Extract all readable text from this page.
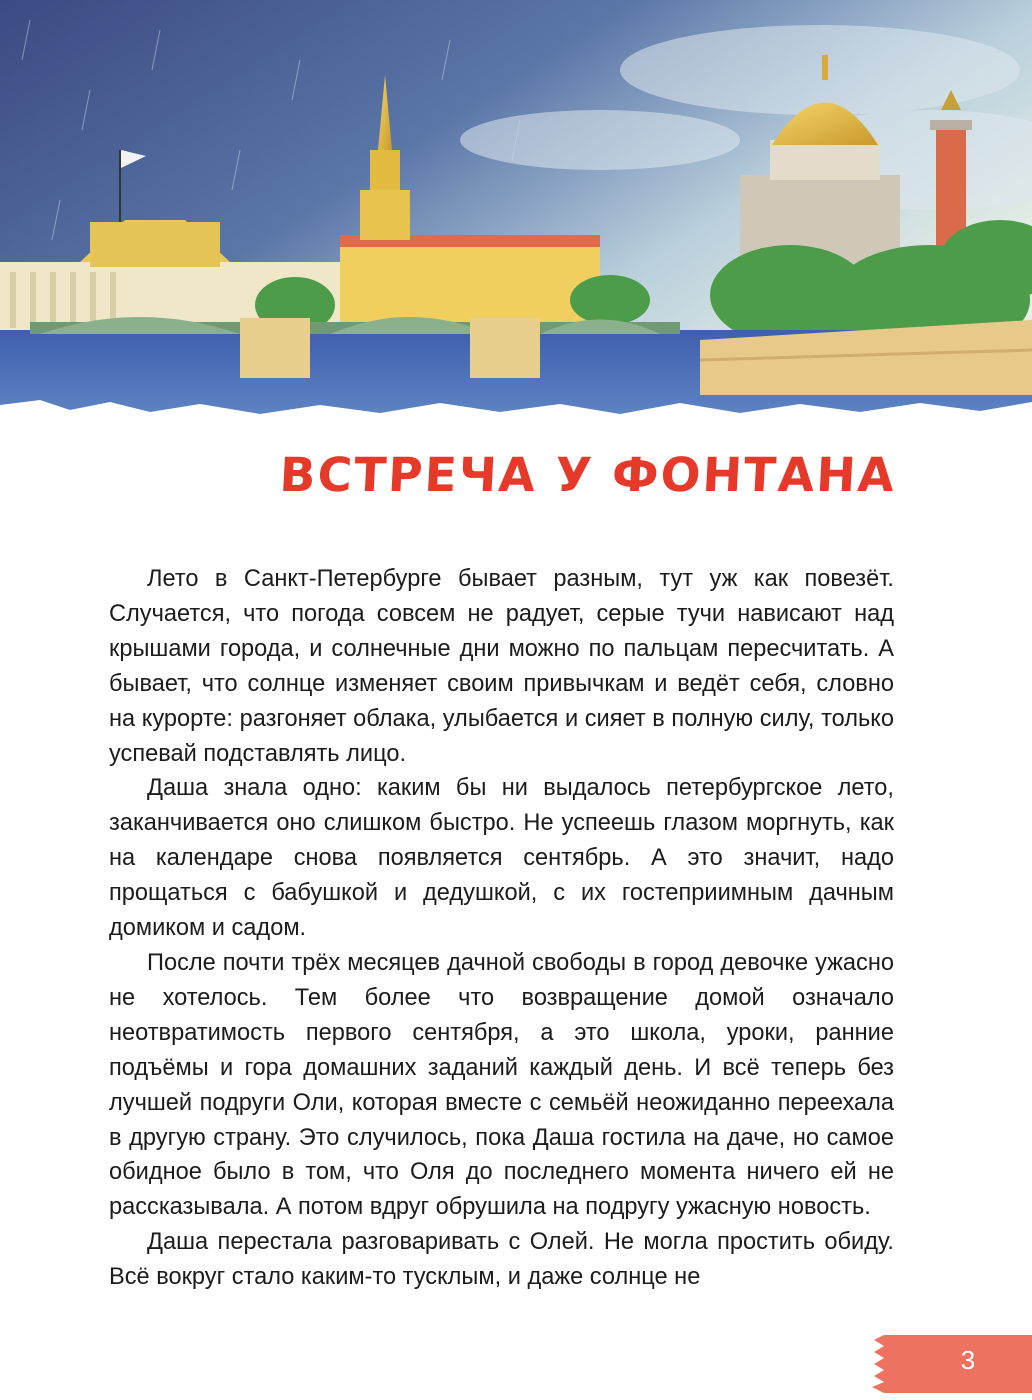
ВСТРЕЧА У ФОНТАНА

Лето в Санкт-Петербурге бывает разным, тут уж как повезёт. Случается, что погода совсем не радует, серые тучи нависают над крышами города, и солнечные дни можно по пальцам пересчитать. А бывает, что солнце изменяет своим привычкам и ведёт себя, словно на курорте: разгоняет облака, улыбается и сияет в полную силу, только успевай подставлять лицо.

Даша знала одно: каким бы ни выдалось петербургское лето, заканчивается оно слишком быстро. Не успеешь глазом моргнуть, как на календаре снова появляется сентябрь. А это значит, надо прощаться с бабушкой и дедушкой, с их гостеприимным дачным домиком и садом.

После почти трёх месяцев дачной свободы в город девочке ужасно не хотелось. Тем более что возвращение домой означало неотвратимость первого сентября, а это школа, уроки, ранние подъёмы и гора домашних заданий каждый день. И всё теперь без лучшей подруги Оли, которая вместе с семьёй неожиданно переехала в другую страну. Это случилось, пока Даша гостила на даче, но самое обидное было в том, что Оля до последнего момента ничего ей не рассказывала. А потом вдруг обрушила на подругу ужасную новость.

Даша перестала разговаривать с Олей. Не могла простить обиду. Всё вокруг стало каким-то тусклым, и даже солнце не

3
